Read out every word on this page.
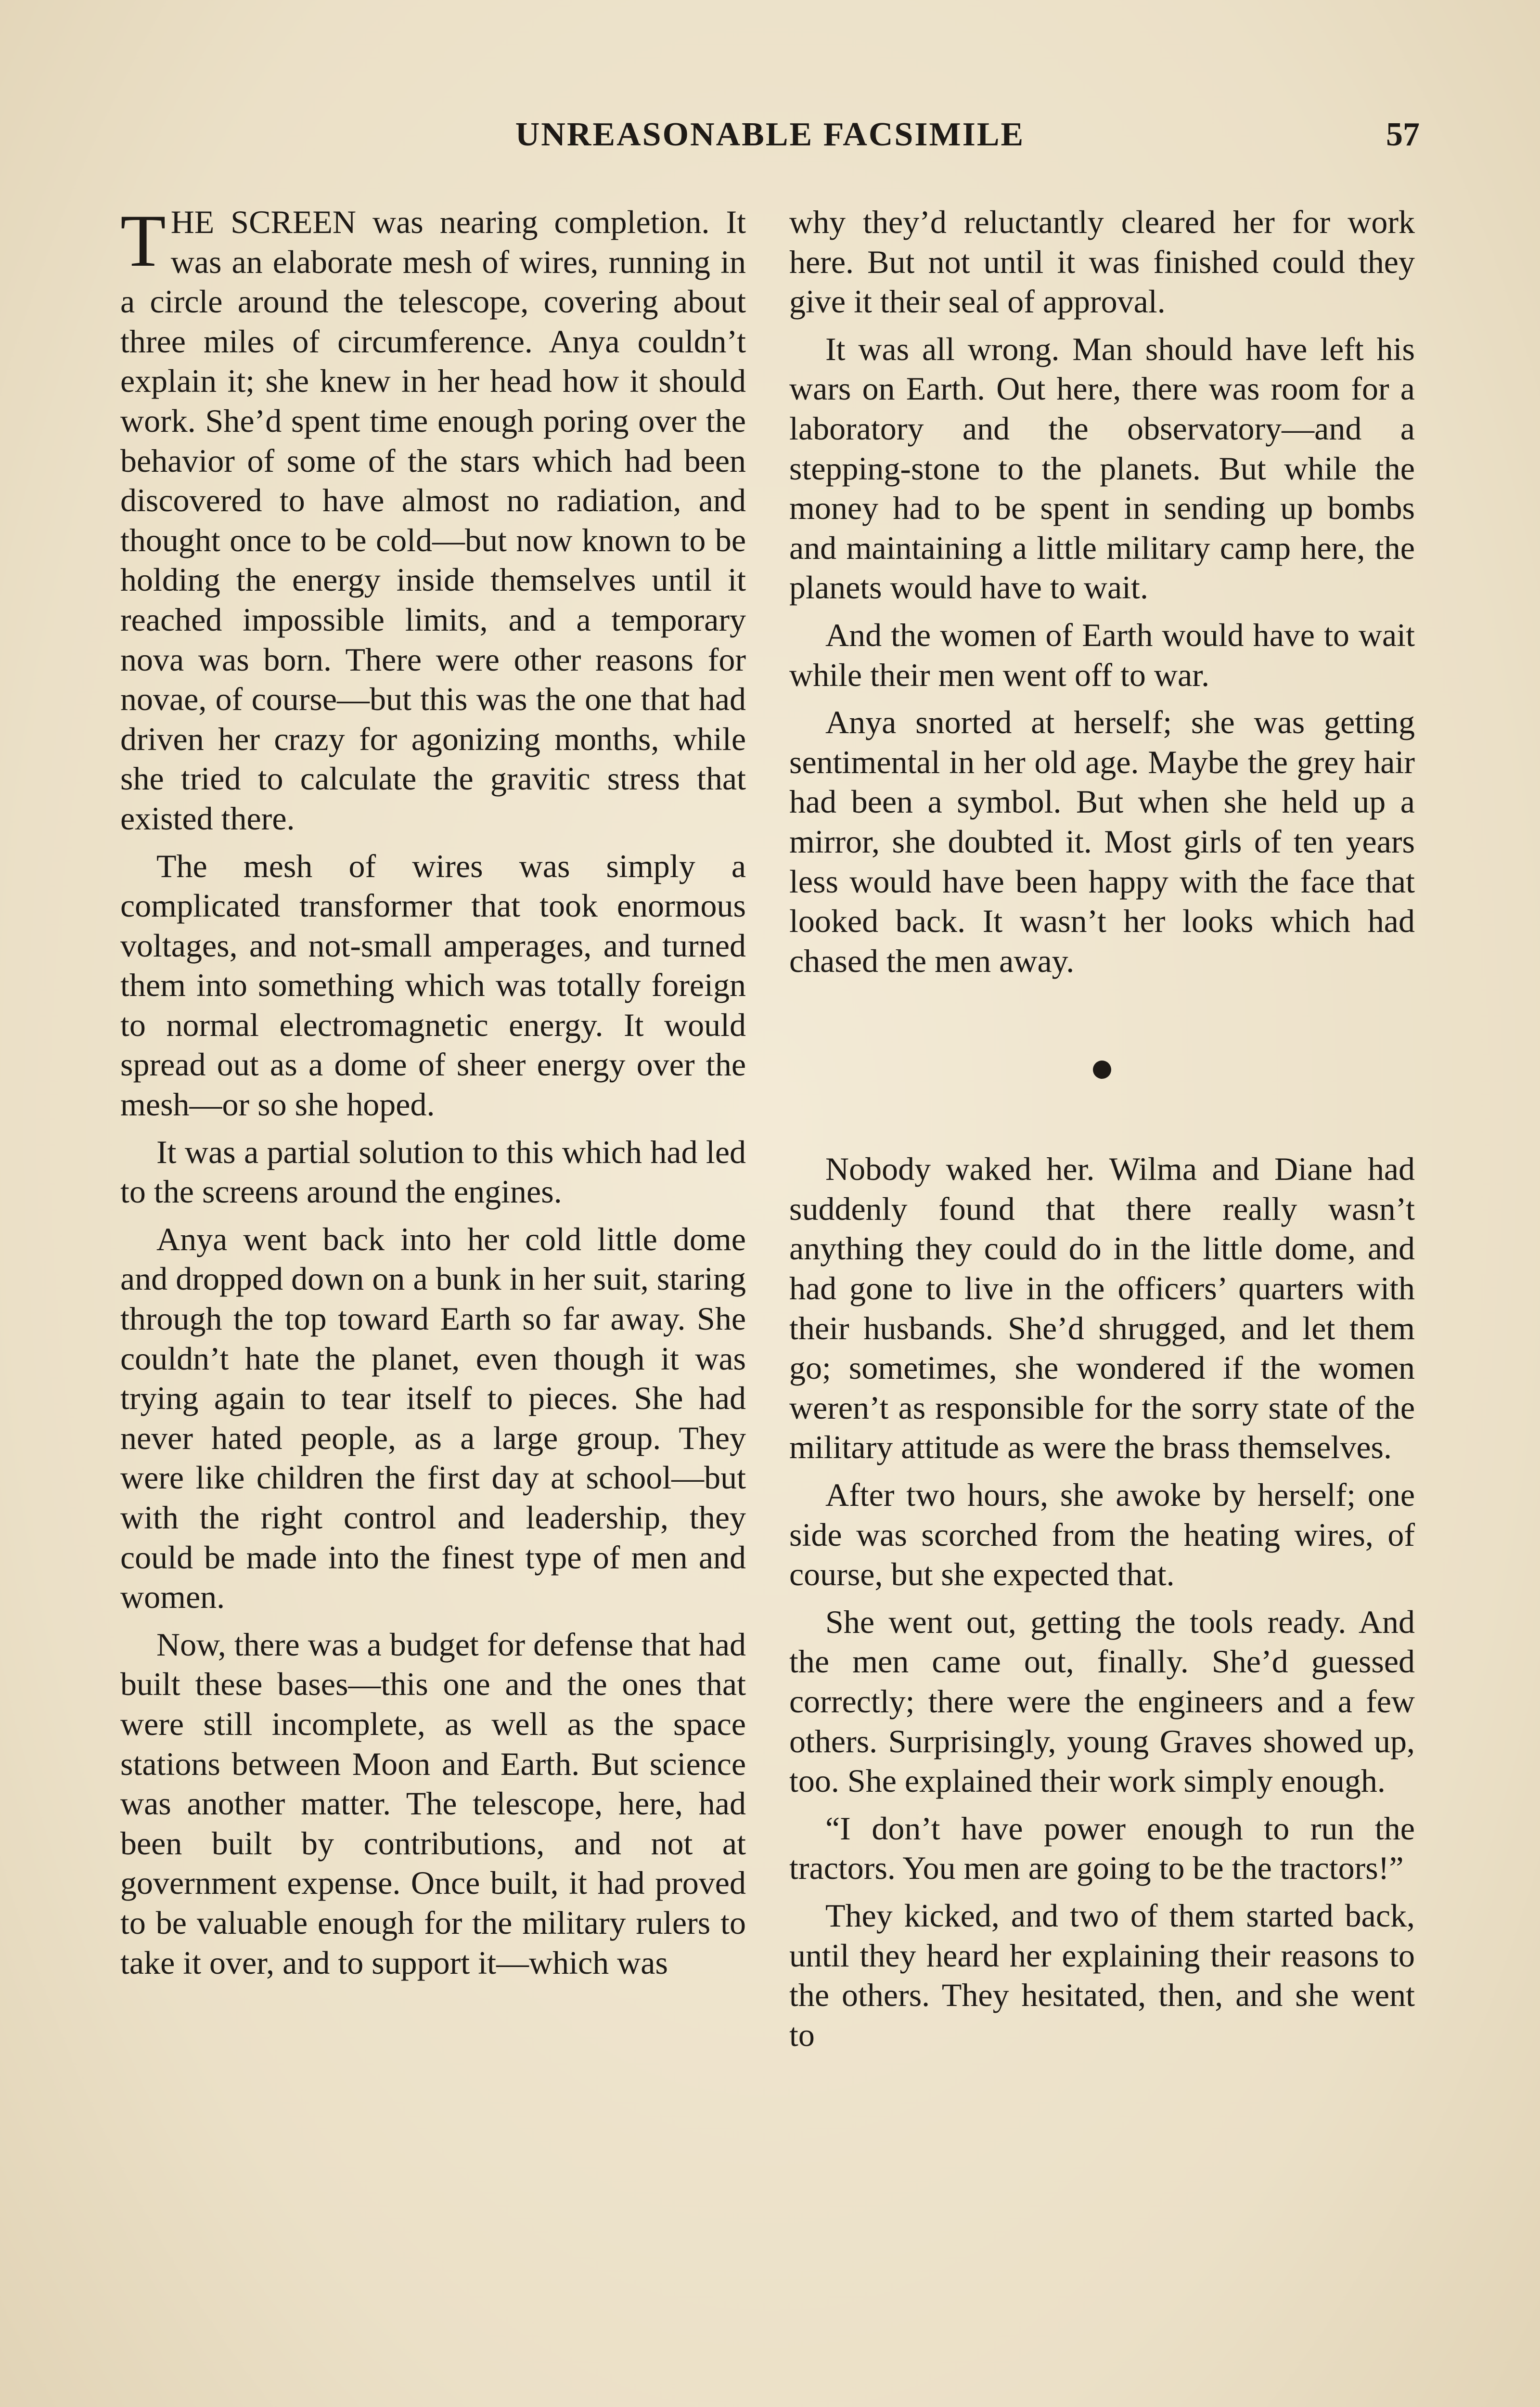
UNREASONABLE FACSIMILE	57

THE SCREEN was nearing completion. It was an elaborate mesh of wires, running in a circle around the telescope, covering about three miles of circumference. Anya couldn’t explain it; she knew in her head how it should work. She’d spent time enough poring over the behavior of some of the stars which had been discovered to have almost no radiation, and thought once to be cold—but now known to be holding the energy inside themselves until it reached impossible limits, and a temporary nova was born. There were other reasons for novae, of course—but this was the one that had driven her crazy for agonizing months, while she tried to calculate the gravitic stress that existed there.

The mesh of wires was simply a complicated transformer that took enormous voltages, and not-small amperages, and turned them into something which was totally foreign to normal electromagnetic energy. It would spread out as a dome of sheer energy over the mesh—or so she hoped.

It was a partial solution to this which had led to the screens around the engines.

Anya went back into her cold little dome and dropped down on a bunk in her suit, staring through the top toward Earth so far away. She couldn’t hate the planet, even though it was trying again to tear itself to pieces. She had never hated people, as a large group. They were like children the first day at school—but with the right control and leadership, they could be made into the finest type of men and women.

Now, there was a budget for defense that had built these bases—this one and the ones that were still incomplete, as well as the space stations between Moon and Earth. But science was another matter. The telescope, here, had been built by contributions, and not at government expense. Once built, it had proved to be valuable enough for the military rulers to take it over, and to support it—which was

why they’d reluctantly cleared her for work here. But not until it was finished could they give it their seal of approval.

It was all wrong. Man should have left his wars on Earth. Out here, there was room for a laboratory and the observatory—and a stepping-stone to the planets. But while the money had to be spent in sending up bombs and maintaining a little military camp here, the planets would have to wait.

And the women of Earth would have to wait while their men went off to war.

Anya snorted at herself; she was getting sentimental in her old age. Maybe the grey hair had been a symbol. But when she held up a mirror, she doubted it. Most girls of ten years less would have been happy with the face that looked back. It wasn’t her looks which had chased the men away.

Nobody waked her. Wilma and Diane had suddenly found that there really wasn’t anything they could do in the little dome, and had gone to live in the officers’ quarters with their husbands. She’d shrugged, and let them go; sometimes, she wondered if the women weren’t as responsible for the sorry state of the military attitude as were the brass themselves.

After two hours, she awoke by herself; one side was scorched from the heating wires, of course, but she expected that.

She went out, getting the tools ready. And the men came out, finally. She’d guessed correctly; there were the engineers and a few others. Surprisingly, young Graves showed up, too. She explained their work simply enough.

“I don’t have power enough to run the tractors. You men are going to be the tractors!”

They kicked, and two of them started back, until they heard her explaining their reasons to the others. They hesitated, then, and she went to
